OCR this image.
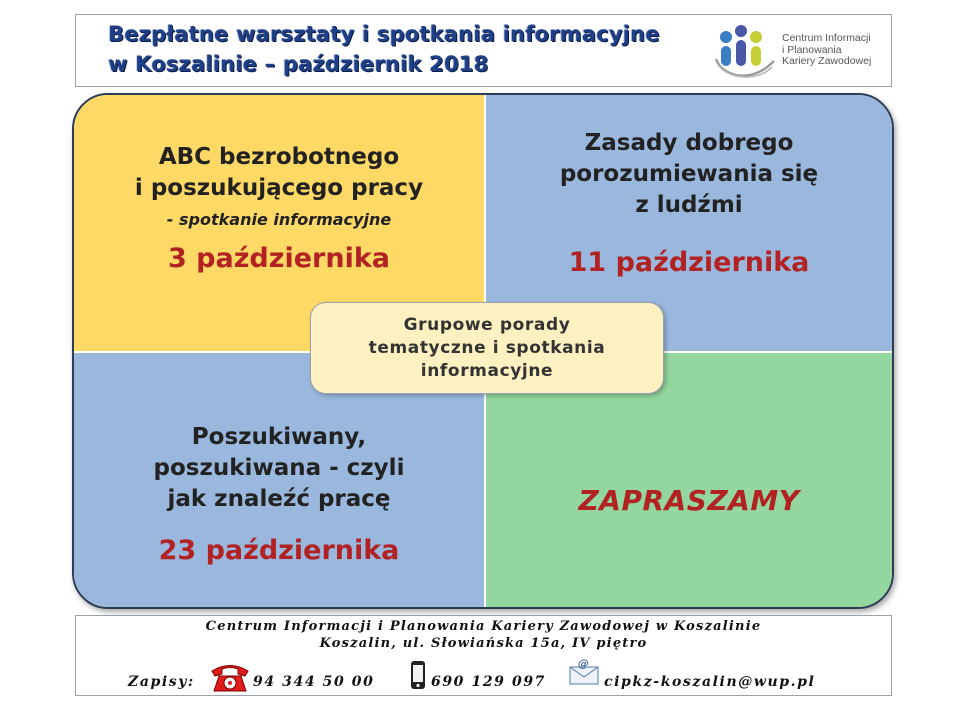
Bezpłatne warsztaty i spotkania informacyjne
w Koszalinie – październik 2018
Centrum Informacji
i Planowania
Kariery Zawodowej
ABC bezrobotnego
i poszukującego pracy
- spotkanie informacyjne
3 października
Zasady dobrego
porozumiewania się
z ludźmi
11 października
Poszukiwany,
poszukiwana - czyli
jak znaleźć pracę
23 października
ZAPRASZAMY
Grupowe porady
tematyczne i spotkania
informacyjne
Centrum Informacji i Planowania Kariery Zawodowej w Koszalinie
Koszalin, ul. Słowiańska 15a, IV piętro
Zapisy:	94 344 50 00	690 129 097
@
cipkz-koszalin@wup.pl
